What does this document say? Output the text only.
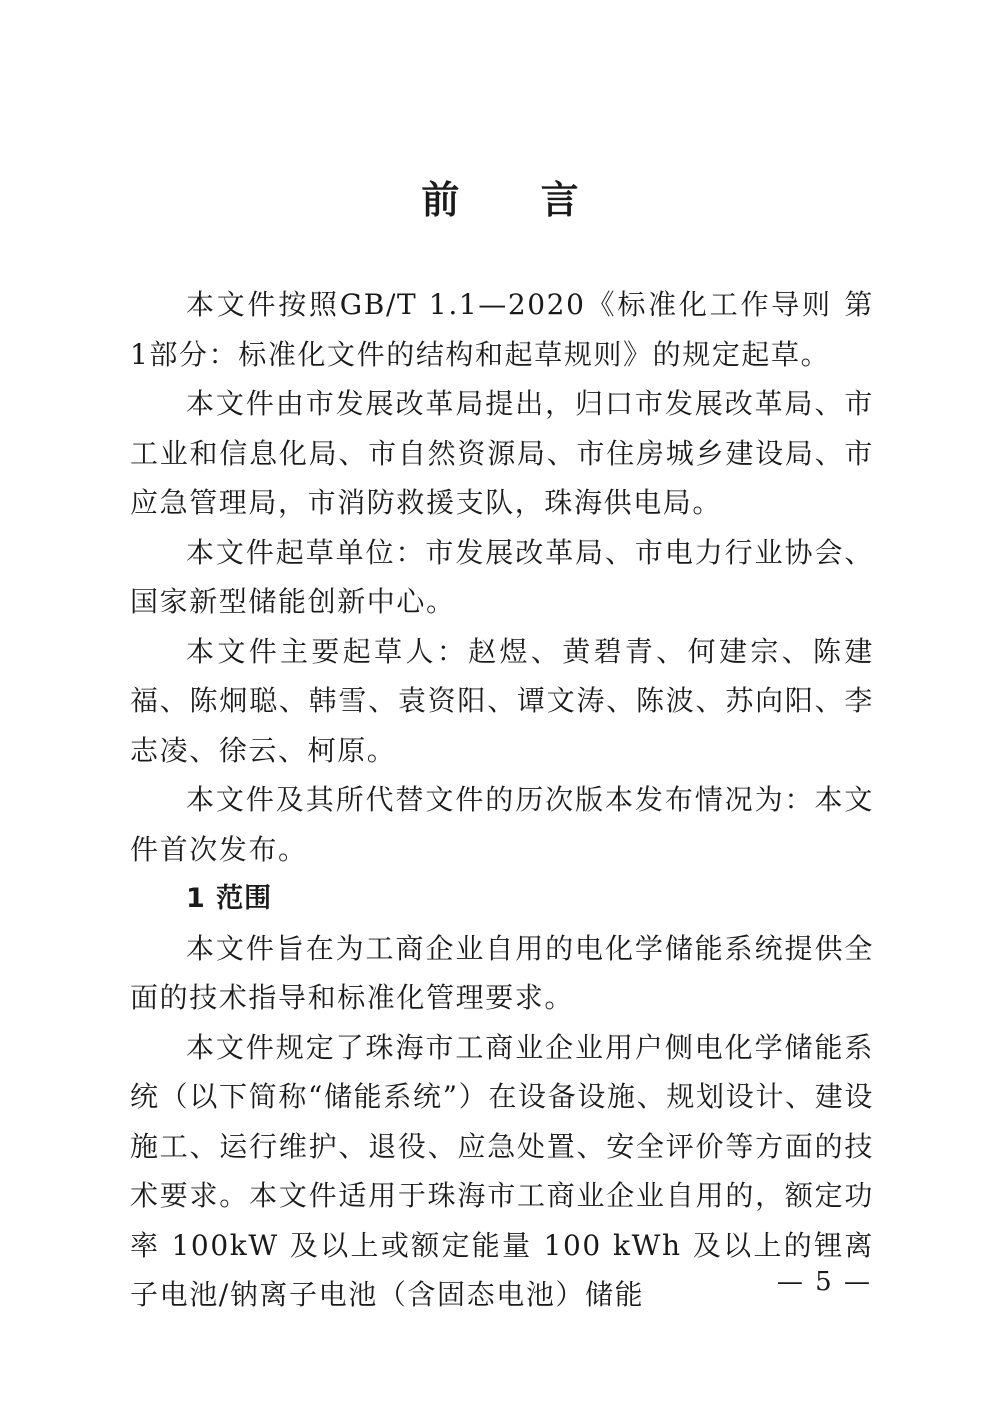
前 言

本文件按照GB/T 1.1—2020《标准化工作导则 第1部分：标准化文件的结构和起草规则》的规定起草。

本文件由市发展改革局提出，归口市发展改革局、市工业和信息化局、市自然资源局、市住房城乡建设局、市应急管理局，市消防救援支队，珠海供电局。

本文件起草单位：市发展改革局、市电力行业协会、国家新型储能创新中心。

本文件主要起草人：赵煜、黄碧青、何建宗、陈建福、陈炯聪、韩雪、袁资阳、谭文涛、陈波、苏向阳、李志凌、徐云、柯原。

本文件及其所代替文件的历次版本发布情况为：本文件首次发布。

1 范围

本文件旨在为工商企业自用的电化学储能系统提供全面的技术指导和标准化管理要求。

本文件规定了珠海市工商业企业用户侧电化学储能系统（以下简称“储能系统”）在设备设施、规划设计、建设施工、运行维护、退役、应急处置、安全评价等方面的技术要求。本文件适用于珠海市工商业企业自用的，额定功率 100kW 及以上或额定能量 100 kWh 及以上的锂离子电池/钠离子电池（含固态电池）储能	— 5 —
